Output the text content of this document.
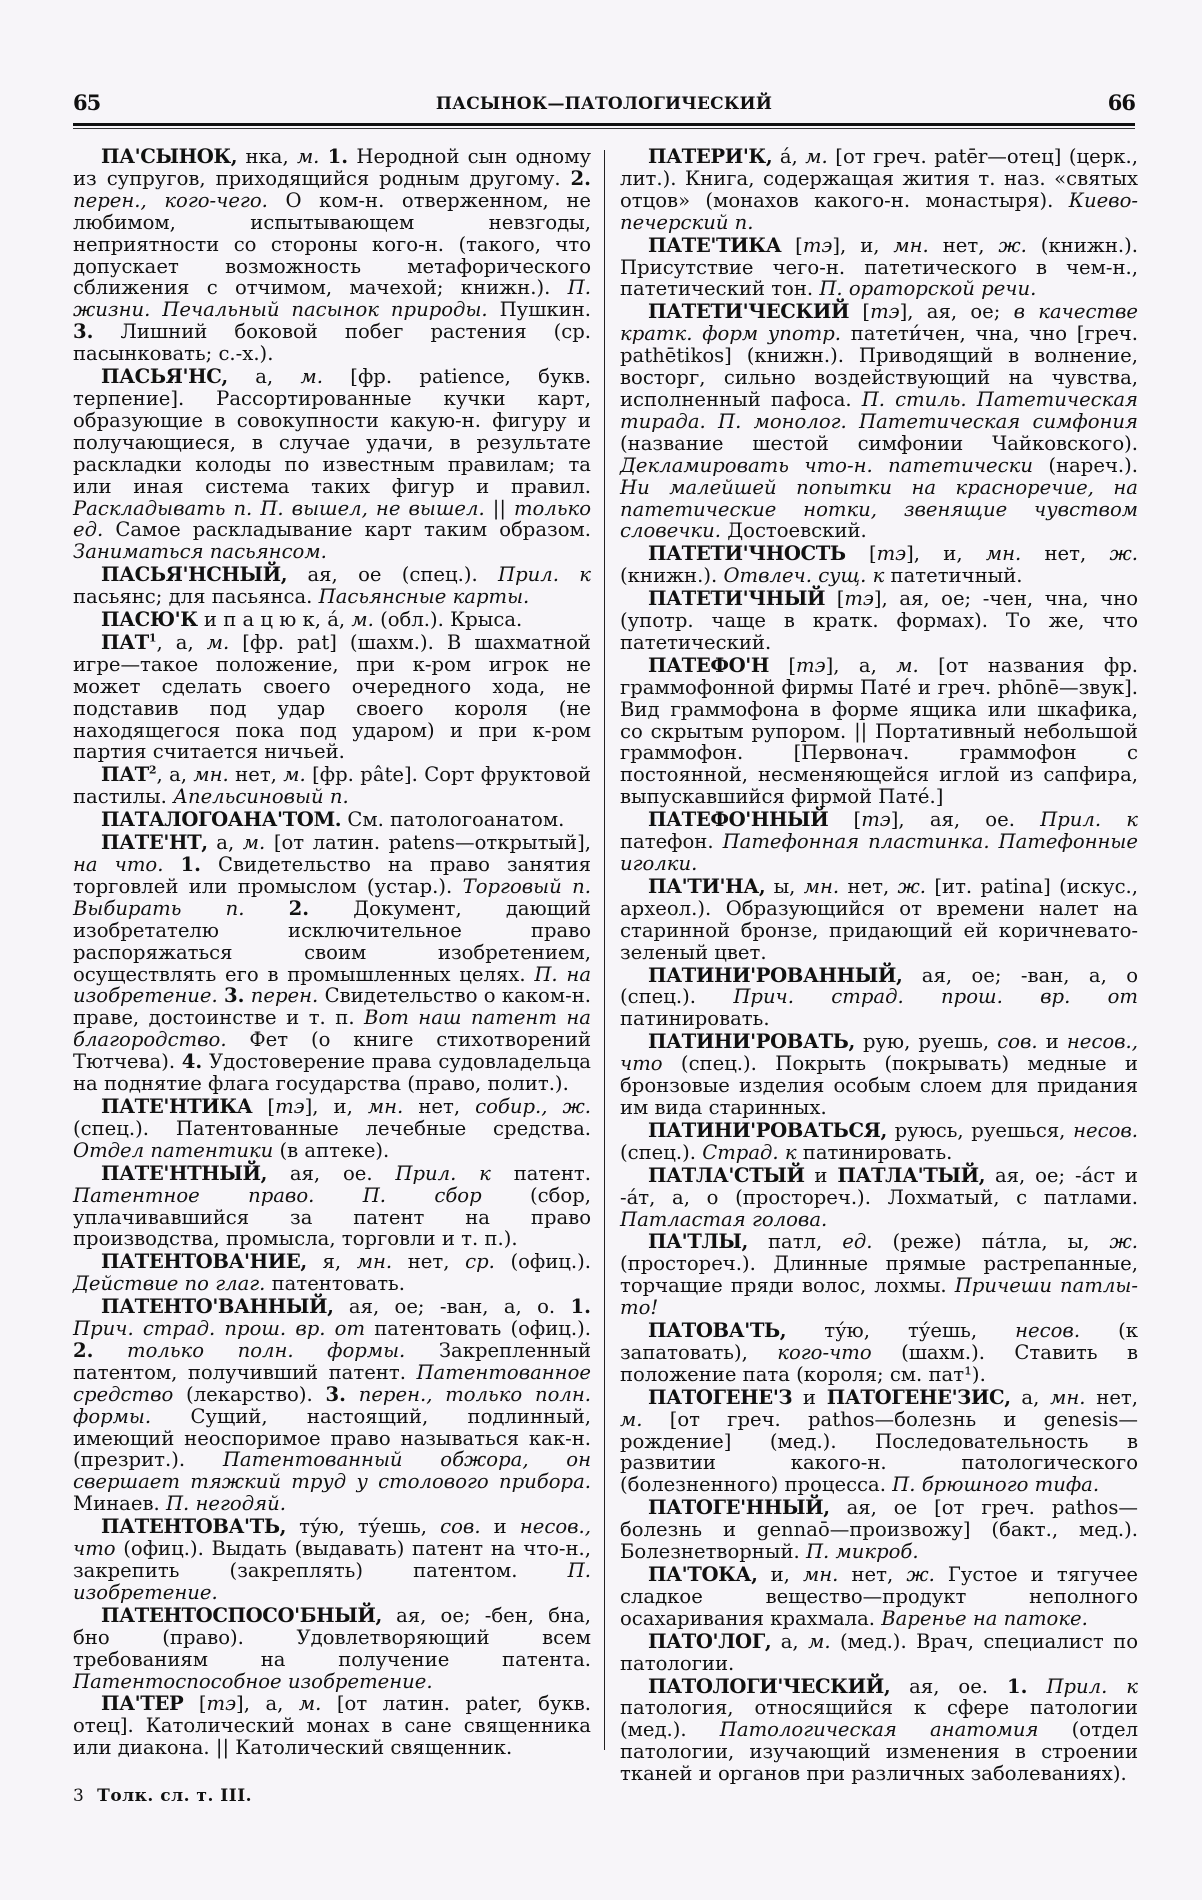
65	ПАСЫНОК—ПАТОЛОГИЧЕСКИЙ	66

ПА'СЫНОК, нка, м. 1. Неродной сын одному из супругов, приходящийся родным другому. 2. перен., кого-чего. О ком-н. отверженном, не любимом, испытывающем невзгоды, неприятности со стороны кого-н. (такого, что допускает возможность метафорического сближения с отчимом, мачехой; книжн.). П. жизни. Печальный пасынок природы. Пушкин. 3. Лишний боковой побег растения (ср. пасынковать; с.-х.).

ПАСЬЯ'НС, а, м. [фр. patience, букв. терпение]. Рассортированные кучки карт, образующие в совокупности какую-н. фигуру и получающиеся, в случае удачи, в результате раскладки колоды по известным правилам; та или иная система таких фигур и правил. Раскладывать п. П. вышел, не вышел. || только ед. Самое раскладывание карт таким образом. Заниматься пасьянсом.

ПАСЬЯ'НСНЫЙ, ая, ое (спец.). Прил. к пасьянс; для пасьянса. Пасьянсные карты.

ПАСЮ'К и п а ц ю к, á, м. (обл.). Крыса.

ПАТ$^1$, а, м. [фр. pat] (шахм.). В шахматной игре—такое положение, при к-ром игрок не может сделать своего очередного хода, не подставив под удар своего короля (не находящегося пока под ударом) и при к-ром партия считается ничьей.

ПАТ$^2$, а, мн. нет, м. [фр. pâte]. Сорт фруктовой пастилы. Апельсиновый п.

ПАТАЛОГОАНА'ТОМ. См. патологоанатом.

ПАТЕ'НТ, а, м. [от латин. patens—открытый], на что. 1. Свидетельство на право занятия торговлей или промыслом (устар.). Торговый п. Выбирать п. 2. Документ, дающий изобретателю исключительное право распоряжаться своим изобретением, осуществлять его в промышленных целях. П. на изобретение. 3. перен. Свидетельство о каком-н. праве, достоинстве и т. п. Вот наш патент на благородство. Фет (о книге стихотворений Тютчева). 4. Удостоверение права судовладельца на поднятие флага государства (право, полит.).

ПАТЕ'НТИКА [тэ], и, мн. нет, собир., ж. (спец.). Патентованные лечебные средства. Отдел патентики (в аптеке).

ПАТЕ'НТНЫЙ, ая, ое. Прил. к патент. Патентное право. П. сбор (сбор, уплачивавшийся за патент на право производства, промысла, торговли и т. п.).

ПАТЕНТОВА'НИЕ, я, мн. нет, ср. (офиц.). Действие по глаг. патентовать.

ПАТЕНТО'ВАННЫЙ, ая, ое; -ван, а, о. 1. Прич. страд. прош. вр. от патентовать (офиц.). 2. только полн. формы. Закрепленный патентом, получивший патент. Патентованное средство (лекарство). 3. перен., только полн. формы. Сущий, настоящий, подлинный, имеющий неоспоримое право называться как-н. (презрит.). Патентованный обжора, он свершает тяжкий труд у столового прибора. Минаев. П. негодяй.

ПАТЕНТОВА'ТЬ, ту́ю, ту́ешь, сов. и несов., что (офиц.). Выдать (выдавать) патент на что-н., закрепить (закреплять) патентом. П. изобретение.

ПАТЕНТОСПОСО'БНЫЙ, ая, ое; -бен, бна, бно (право). Удовлетворяющий всем требованиям на получение патента. Патентоспособное изобретение.

ПА'ТЕР [тэ], а, м. [от латин. pater, букв. отец]. Католический монах в сане священника или диакона. || Католический священник.

ПАТЕРИ'К, á, м. [от греч. patēr—отец] (церк., лит.). Книга, содержащая жития т. наз. «святых отцов» (монахов какого-н. монастыря). Киево-печерский п.

ПАТЕ'ТИКА [тэ], и, мн. нет, ж. (книжн.). Присутствие чего-н. патетического в чем-н., патетический тон. П. ораторской речи.

ПАТЕТИ'ЧЕСКИЙ [тэ], ая, ое; в качестве кратк. форм употр. патети́чен, чна, чно [греч. pathētikos] (книжн.). Приводящий в волнение, восторг, сильно воздействующий на чувства, исполненный пафоса. П. стиль. Патетическая тирада. П. монолог. Патетическая симфония (название шестой симфонии Чайковского). Декламировать что-н. патетически (нареч.). Ни малейшей попытки на красноречие, на патетические нотки, звенящие чувством словечки. Достоевский.

ПАТЕТИ'ЧНОСТЬ [тэ], и, мн. нет, ж. (книжн.). Отвлеч. сущ. к патетичный.

ПАТЕТИ'ЧНЫЙ [тэ], ая, ое; -чен, чна, чно (употр. чаще в кратк. формах). То же, что патетический.

ПАТЕФО'Н [тэ], а, м. [от названия фр. граммофонной фирмы Патé и греч. phōnē—звук]. Вид граммофона в форме ящика или шкафика, со скрытым рупором. || Портативный небольшой граммофон. [Первонач. граммофон с постоянной, несменяющейся иглой из сапфира, выпускавшийся фирмой Патé.]

ПАТЕФО'ННЫЙ [тэ], ая, ое. Прил. к патефон. Патефонная пластинка. Патефонные иголки.

ПА'ТИ'НА, ы, мн. нет, ж. [ит. patina] (искус., археол.). Образующийся от времени налет на старинной бронзе, придающий ей коричневато-зеленый цвет.

ПАТИНИ'РОВАННЫЙ, ая, ое; -ван, а, о (спец.). Прич. страд. прош. вр. от патинировать.

ПАТИНИ'РОВАТЬ, рую, руешь, сов. и несов., что (спец.). Покрыть (покрывать) медные и бронзовые изделия особым слоем для придания им вида старинных.

ПАТИНИ'РОВАТЬСЯ, руюсь, руешься, несов. (спец.). Страд. к патинировать.

ПАТЛА'СТЫЙ и ПАТЛА'ТЫЙ, ая, ое; -áст и -áт, а, о (простореч.). Лохматый, с патлами. Патластая голова.

ПА'ТЛЫ, патл, ед. (реже) пáтла, ы, ж. (простореч.). Длинные прямые растрепанные, торчащие пряди волос, лохмы. Причеши патлы-то!

ПАТОВА'ТЬ, ту́ю, ту́ешь, несов. (к запатовать), кого-что (шахм.). Ставить в положение пата (короля; см. пат¹).

ПАТОГЕНЕ'З и ПАТОГЕНЕ'ЗИС, а, мн. нет, м. [от греч. pathos—болезнь и genesis—рождение] (мед.). Последовательность в развитии какого-н. патологического (болезненного) процесса. П. брюшного тифа.

ПАТОГЕ'ННЫЙ, ая, ое [от греч. pathos—болезнь и gennaō—произвожу] (бакт., мед.). Болезнетворный. П. микроб.

ПА'ТОКА, и, мн. нет, ж. Густое и тягучее сладкое вещество—продукт неполного осахаривания крахмала. Варенье на патоке.

ПАТО'ЛОГ, а, м. (мед.). Врач, специалист по патологии.

ПАТОЛОГИ'ЧЕСКИЙ, ая, ое. 1. Прил. к патология, относящийся к сфере патологии (мед.). Патологическая анатомия (отдел патологии, изучающий изменения в строении тканей и органов при различных заболеваниях).

3 Толк. сл. т. III.
